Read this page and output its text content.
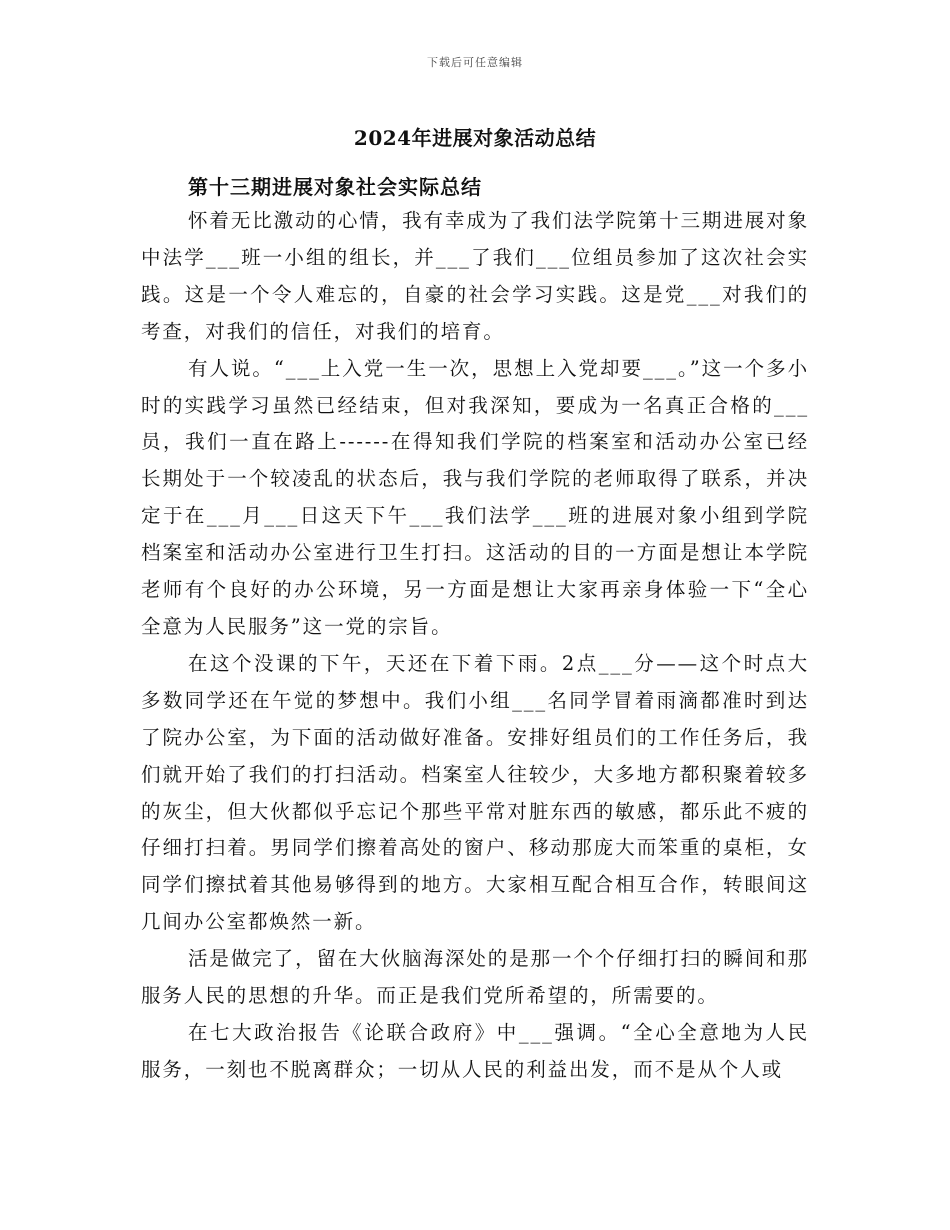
下载后可任意编辑
2024年进展对象活动总结
第十三期进展对象社会实际总结

怀着无比激动的心情，我有幸成为了我们法学院第十三期进展对象中法学___班一小组的组长，并___了我们___位组员参加了这次社会实践。这是一个令人难忘的，自豪的社会学习实践。这是党___对我们的考查，对我们的信任，对我们的培育。

有人说。“___上入党一生一次，思想上入党却要___。”这一个多小时的实践学习虽然已经结束，但对我深知，要成为一名真正合格的___员，我们一直在路上------在得知我们学院的档案室和活动办公室已经长期处于一个较凌乱的状态后，我与我们学院的老师取得了联系，并决定于在___月___日这天下午___我们法学___班的进展对象小组到学院档案室和活动办公室进行卫生打扫。这活动的目的一方面是想让本学院老师有个良好的办公环境，另一方面是想让大家再亲身体验一下“全心全意为人民服务”这一党的宗旨。

在这个没课的下午，天还在下着下雨。2点___分——这个时点大多数同学还在午觉的梦想中。我们小组___名同学冒着雨滴都准时到达了院办公室，为下面的活动做好准备。安排好组员们的工作任务后，我们就开始了我们的打扫活动。档案室人往较少，大多地方都积聚着较多的灰尘，但大伙都似乎忘记个那些平常对脏东西的敏感，都乐此不疲的仔细打扫着。男同学们擦着高处的窗户、移动那庞大而笨重的桌柜，女同学们擦拭着其他易够得到的地方。大家相互配合相互合作，转眼间这几间办公室都焕然一新。

活是做完了，留在大伙脑海深处的是那一个个仔细打扫的瞬间和那服务人民的思想的升华。而正是我们党所希望的，所需要的。

在七大政治报告《论联合政府》中___强调。“全心全意地为人民服务，一刻也不脱离群众；一切从人民的利益出发，而不是从个人或
